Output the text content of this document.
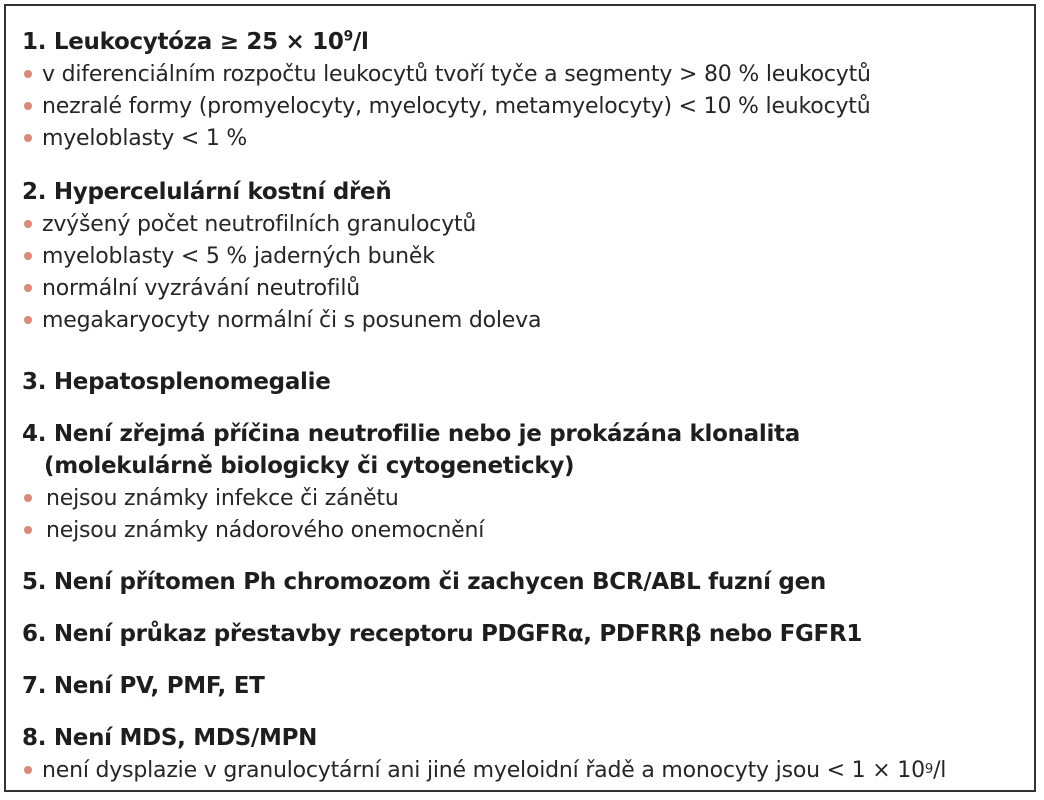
1. Leukocytóza ≥ $25 \times 10^9/l$
v diferenciálním rozpočtu leukocytů tvoří tyče a segmenty > 80 % leukocytů
nezralé formy (promyelocyty, myelocyty, metamyelocyty) < 10 % leukocytů
myeloblasty < 1 %
2. Hypercelulární kostní dřeň
zvýšený počet neutrofilních granulocytů
myeloblasty < 5 % jaderných buněk
normální vyzrávání neutrofilů
megakaryocyty normální či s posunem doleva
3. Hepatosplenomegalie
4. Není zřejmá příčina neutrofilie nebo je prokázána klonalita
(molekulárně biologicky či cytogeneticky)
nejsou známky infekce či zánětu
nejsou známky nádorového onemocnění
5. Není přítomen Ph chromozom či zachycen BCR/ABL fuzní gen
6. Není průkaz přestavby receptoru PDGFRα, PDFRRβ nebo FGFR1
7. Není PV, PMF, ET
8. Není MDS, MDS/MPN
není dysplazie v granulocytární ani jiné myeloidní řadě a monocyty jsou < 1 × 10 9 /l
